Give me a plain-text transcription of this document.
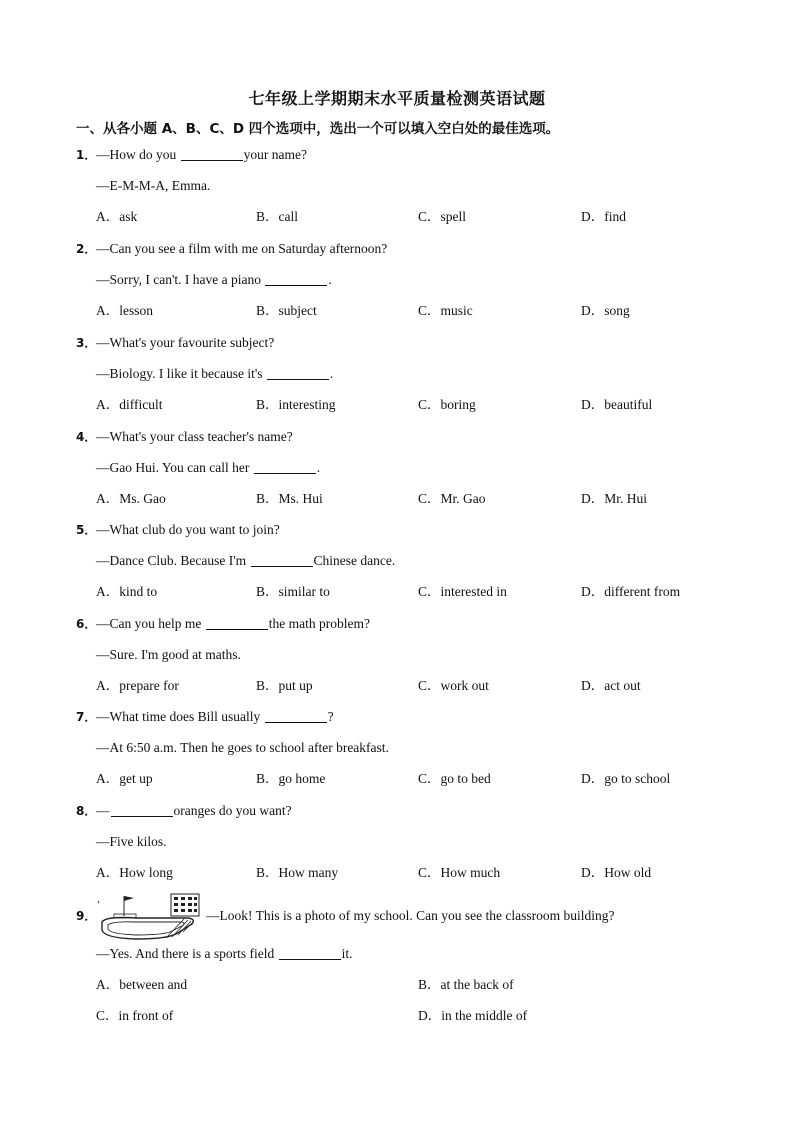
七年级上学期期末水平质量检测英语试题
一、从各小题 A、B、C、D 四个选项中，选出一个可以填入空白处的最佳选项。
1．—How do you	your name?
—E-M-M-A, Emma.
A．ask	B．call	C．spell	D．find
2．—Can you see a film with me on Saturday afternoon?
—Sorry, I can't. I have a piano	.
A．lesson	B．subject	C．music	D．song
3．—What's your favourite subject?
—Biology. I like it because it's	.
A．difficult	B．interesting	C．boring	D．beautiful
4．—What's your class teacher's name?
—Gao Hui. You can call her	.
A．Ms. Gao	B．Ms. Hui	C．Mr. Gao	D．Mr. Hui
5．—What club do you want to join?
—Dance Club. Because I'm	Chinese dance.
A．kind to	B．similar to	C．interested in	D．different from
6．—Can you help me	the math problem?
—Sure. I'm good at maths.
A．prepare for	B．put up	C．work out	D．act out
7．—What time does Bill usually	?
—At 6:50 a.m. Then he goes to school after breakfast.
A．get up	B．go home	C．go to bed	D．go to school
8．—	oranges do you want?
—Five kilos.
A．How long	B．How many	C．How much	D．How old
9．	—Look! This is a photo of my school. Can you see the classroom building?
—Yes. And there is a sports field	it.
A．between and	B．at the back of
C．in front of	D．in the middle of
